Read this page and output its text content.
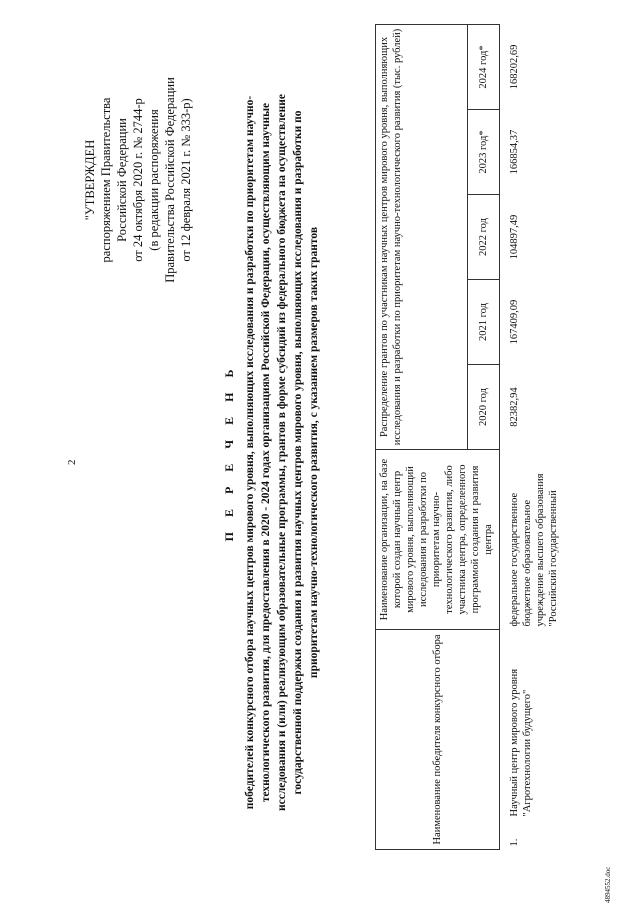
2
"УТВЕРЖДЕН распоряжением Правительства Российской Федерации от 24 октября 2020 г. № 2744-р (в редакции распоряжения Правительства Российской Федерации от 12 февраля 2021 г. № 333-р)
П Е Р Е Ч Е Н Ь победителей конкурсного отбора научных центров мирового уровня, выполняющих исследования и разработки по приоритетам научно-технологического развития, для предоставления в 2020 - 2024 годах организациям Российской Федерации, осуществляющим научные исследования и (или) реализующим образовательные программы, грантов в форме субсидий из федерального бюджета на осуществление государственной поддержки создания и развития научных центров мирового уровня, выполняющих исследования и разработки по приоритетам научно-технологического развития, с указанием размеров таких грантов
Наименование победителя конкурсного отбора		Наименование организации, на базе которой создан научный центр мирового уровня, выполняющий исследования и разработки по приоритетам научно-технологического развития, либо участника центра, определенного программой создания и развития центра	Распределение грантов по участникам научных центров мирового уровня, выполняющих исследования и разработки по приоритетам научно-технологического развития (тыс. рублей)				
			2020 год	2021 год	2022 год	2023 год*	2024 год*
1.	Научный центр мирового уровня "Агротехнологии будущего"	федеральное государственное бюджетное образовательное учреждение высшего образования "Российский государственный	82382,94	167409,09	104897,49	166854,37	168202,69
4894552.doc
